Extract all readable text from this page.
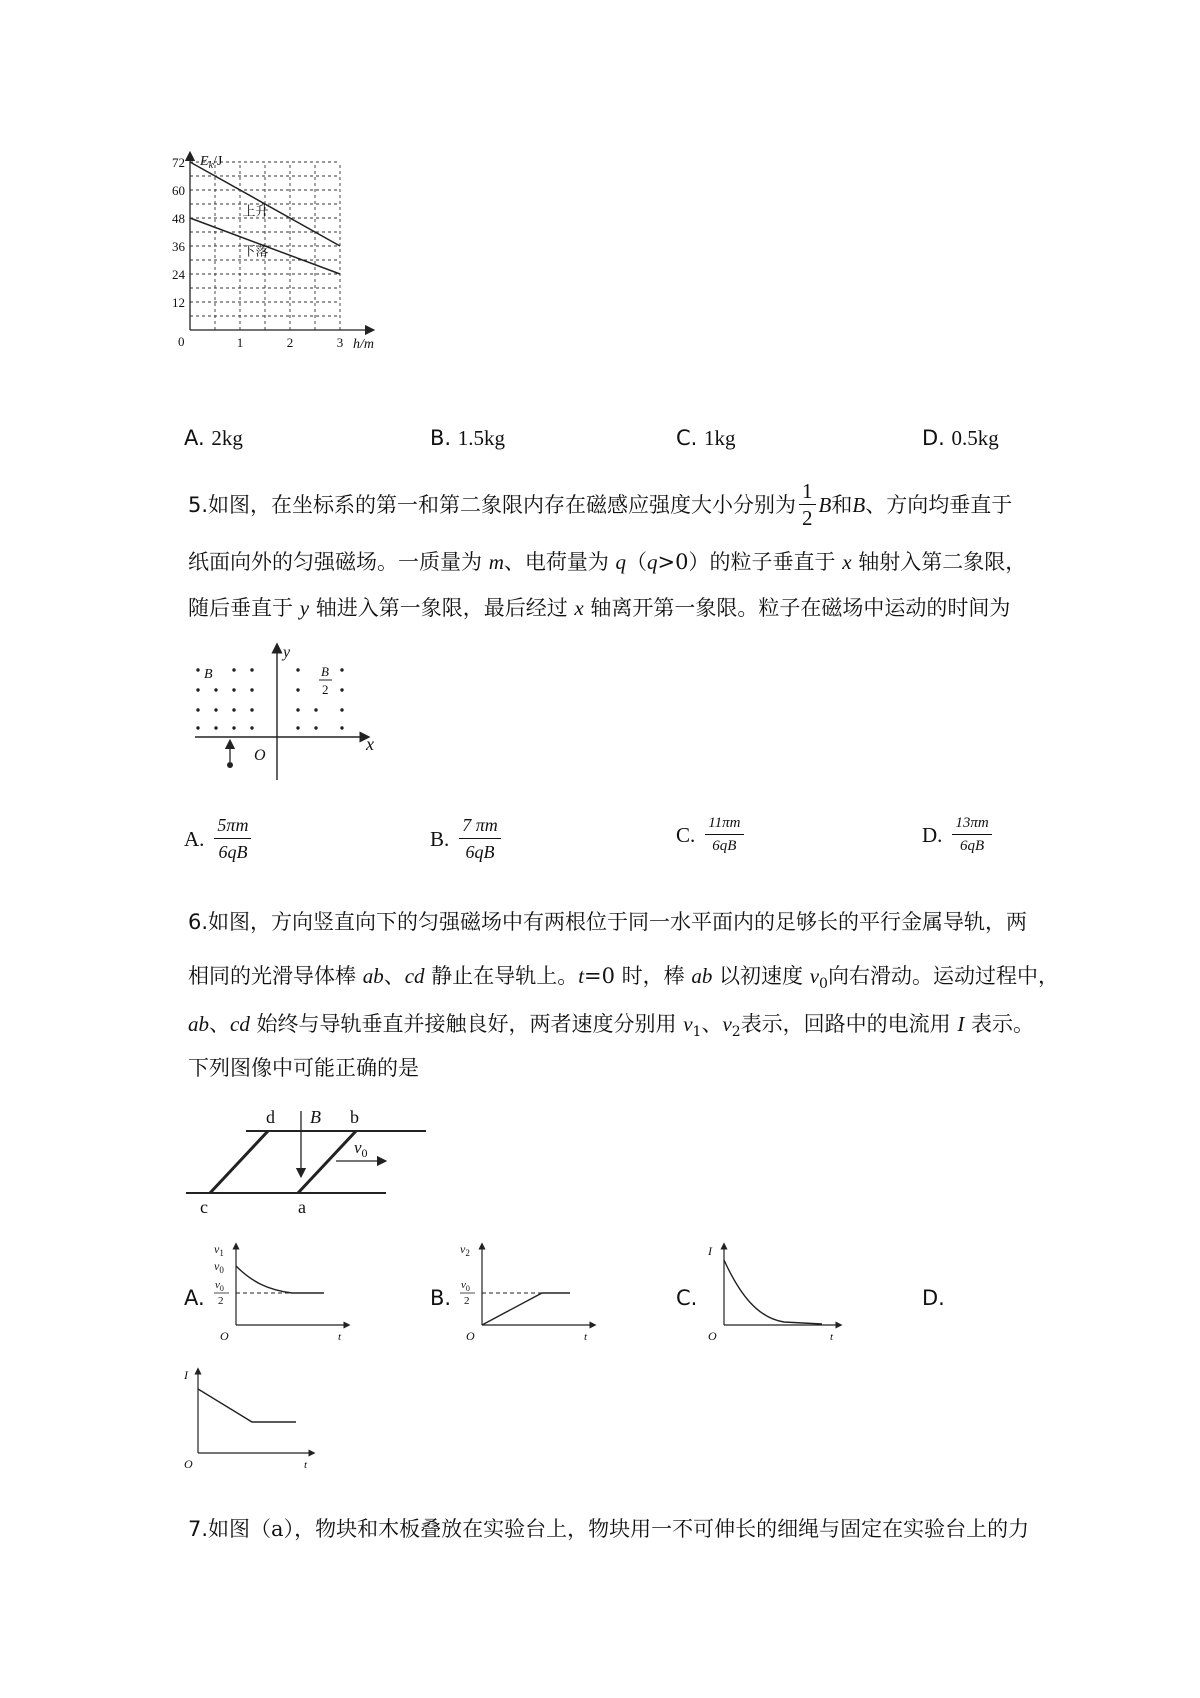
72
60
48
36
24
12
1	2	3
0
$E_k/J$
h/m
上升
下落
A. 2kg	B. 1.5kg	C. 1kg	D. 0.5kg
5. 如图，在坐标系的第一和第二象限内存在磁感应强度大小分别为 $\frac{1}{2}$ B 和 B 、方向均垂直于
纸面向外的匀强磁场。一质量为 m、电荷量为 q（q>0）的粒子垂直于 x 轴射入第二象限，
随后垂直于 y 轴进入第一象限，最后经过 x 轴离开第一象限。粒子在磁场中运动的时间为
y
x
O
B	B
2
A. $\frac{5\pi m}{6qB}$	B. $\frac{7 \pi m}{6qB}$	C. $\frac{11\pi m}{6qB}$	D. $\frac{13\pi m}{6qB}$
6.如图，方向竖直向下的匀强磁场中有两根位于同一水平面内的足够长的平行金属导轨，两
相同的光滑导体棒 ab、cd 静止在导轨上。t=0 时，棒 ab 以初速度 $v_0$向右滑动。运动过程中，
ab、cd 始终与导轨垂直并接触良好，两者速度分别用 $v_1$、$v_2$表示，回路中的电流用 I 表示。
下列图像中可能正确的是
d B b
$v_0$
c	a
A.
$v_1$
$v_0$
$v_0$
2
O	t
B.
$v_2$
$v_0$
2
O	t
C.
I
O	t
D.
I
O	t
7.如图（a），物块和木板叠放在实验台上，物块用一不可伸长的细绳与固定在实验台上的力
